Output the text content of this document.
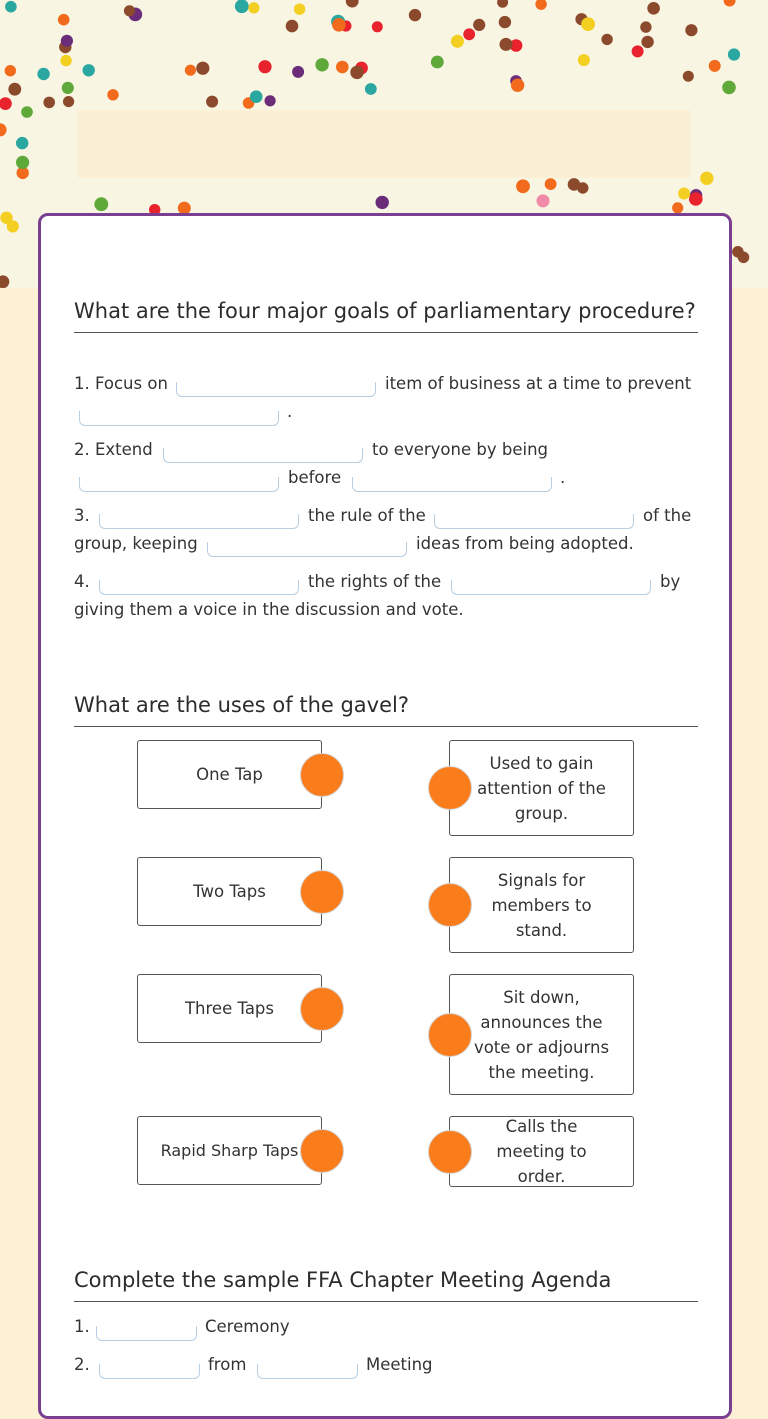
What are the four major goals of parliamentary procedure?
1. Focus on	item of business at a time to prevent
.
2. Extend	to everyone by being
before	.
3.	the rule of the	of the
group, keeping	ideas from being adopted.
4.	the rights of the	by
giving them a voice in the discussion and vote.
What are the uses of the gavel?
One Tap
Used to gain attention of the group.
Two Taps
Signals for members to stand.
Three Taps
Sit down, announces the vote or adjourns the meeting.
Rapid Sharp Taps
Calls the meeting to order.
Complete the sample FFA Chapter Meeting Agenda
1.	Ceremony
2.	from	Meeting
